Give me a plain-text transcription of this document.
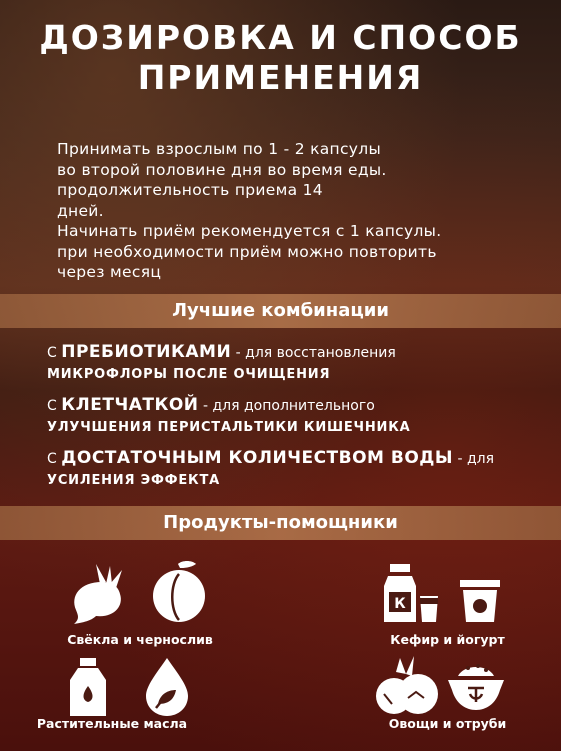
ДОЗИРОВКА И СПОСОБ
ПРИМЕНЕНИЯ
Принимать взрослым по 1 - 2 капсулы
во второй половине дня во время еды.
продолжительность приема 14
дней.
Начинать приём рекомендуется с 1 капсулы.
при необходимости приём можно повторить
через месяц
Лучшие комбинации
С ПРЕБИОТИКАМИ - для восстановления
МИКРОФЛОРЫ ПОСЛЕ ОЧИЩЕНИЯ
С КЛЕТЧАТКОЙ - для дополнительного
УЛУЧШЕНИЯ ПЕРИСТАЛЬТИКИ КИШЕЧНИКА
С ДОСТАТОЧНЫМ КОЛИЧЕСТВОМ ВОДЫ - для
УСИЛЕНИЯ ЭФФЕКТА
Продукты-помощники
Свёкла и чернослив
К
Кефир и йогурт
Растительные масла	Овощи и отруби
